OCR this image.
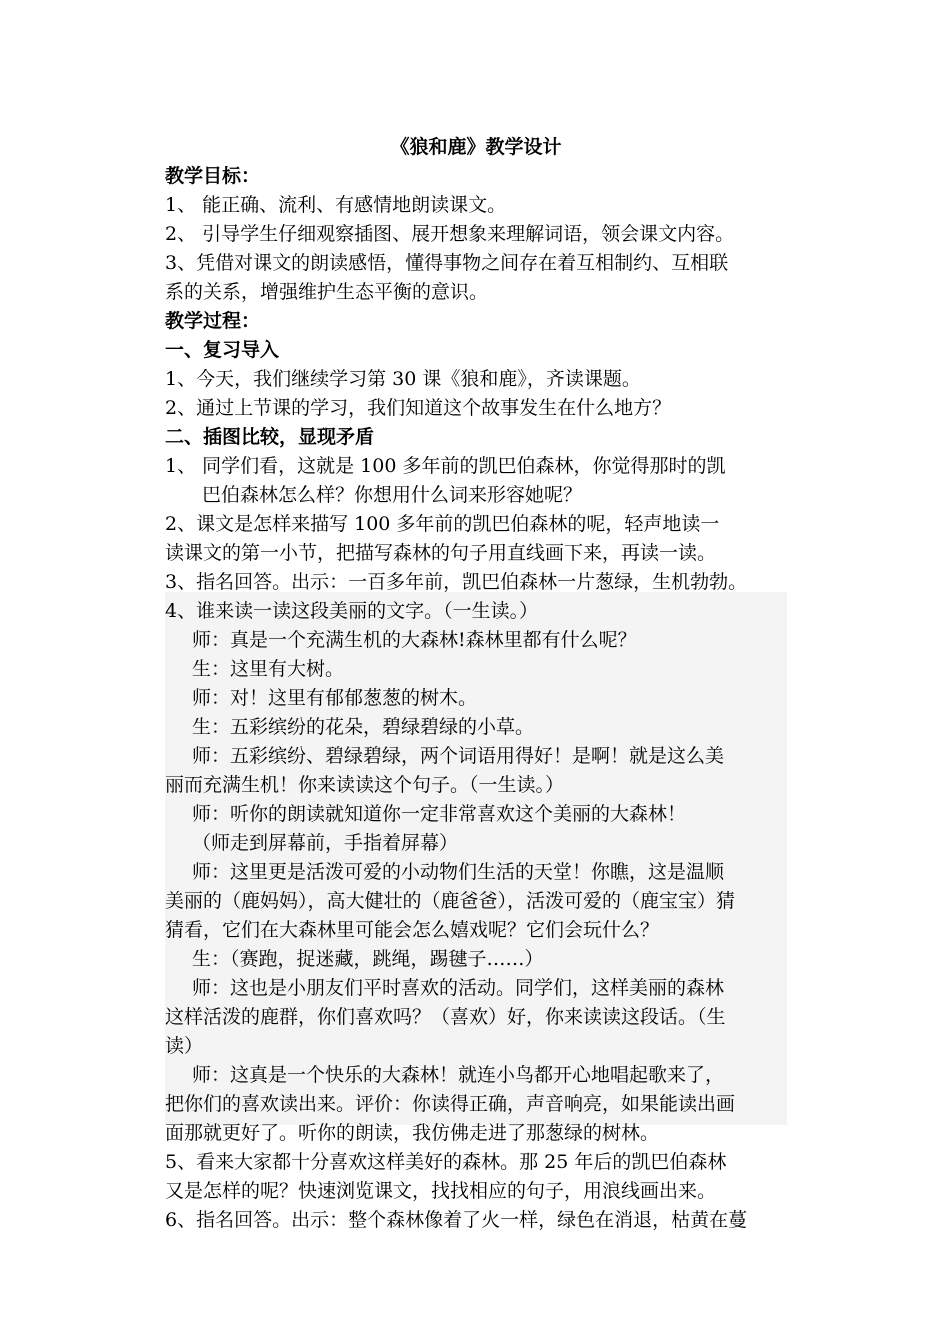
《狼和鹿》教学设计
教学目标：
1、 能正确、流利、有感情地朗读课文。
2、 引导学生仔细观察插图、展开想象来理解词语，领会课文内容。
3、凭借对课文的朗读感悟，懂得事物之间存在着互相制约、互相联
系的关系，增强维护生态平衡的意识。
教学过程：
一、复习导入
1、今天，我们继续学习第 30 课《狼和鹿》，齐读课题。
2、通过上节课的学习，我们知道这个故事发生在什么地方？
二、插图比较，显现矛盾
1、 同学们看，这就是 100 多年前的凯巴伯森林，你觉得那时的凯
巴伯森林怎么样？你想用什么词来形容她呢？
2、课文是怎样来描写 100 多年前的凯巴伯森林的呢，轻声地读一
读课文的第一小节，把描写森林的句子用直线画下来，再读一读。
3、指名回答。出示：一百多年前，凯巴伯森林一片葱绿，生机勃勃。
4、谁来读一读这段美丽的文字。（一生读。）
师：真是一个充满生机的大森林!森林里都有什么呢？
生：这里有大树。
师：对！这里有郁郁葱葱的树木。
生：五彩缤纷的花朵，碧绿碧绿的小草。
师：五彩缤纷、碧绿碧绿，两个词语用得好！是啊！就是这么美
丽而充满生机！你来读读这个句子。（一生读。）
师：听你的朗读就知道你一定非常喜欢这个美丽的大森林！
（师走到屏幕前，手指着屏幕）
师：这里更是活泼可爱的小动物们生活的天堂！你瞧，这是温顺
美丽的（鹿妈妈），高大健壮的（鹿爸爸），活泼可爱的（鹿宝宝）猜
猜看，它们在大森林里可能会怎么嬉戏呢？它们会玩什么？
生：（赛跑，捉迷藏，跳绳，踢毽子……）
师：这也是小朋友们平时喜欢的活动。同学们，这样美丽的森林
这样活泼的鹿群，你们喜欢吗？（喜欢）好，你来读读这段话。（生
读）
师：这真是一个快乐的大森林！就连小鸟都开心地唱起歌来了，
把你们的喜欢读出来。评价：你读得正确，声音响亮，如果能读出画
面那就更好了。听你的朗读，我仿佛走进了那葱绿的树林。
5、看来大家都十分喜欢这样美好的森林。那 25 年后的凯巴伯森林
又是怎样的呢？快速浏览课文，找找相应的句子，用浪线画出来。
6、指名回答。出示：整个森林像着了火一样，绿色在消退，枯黄在蔓
